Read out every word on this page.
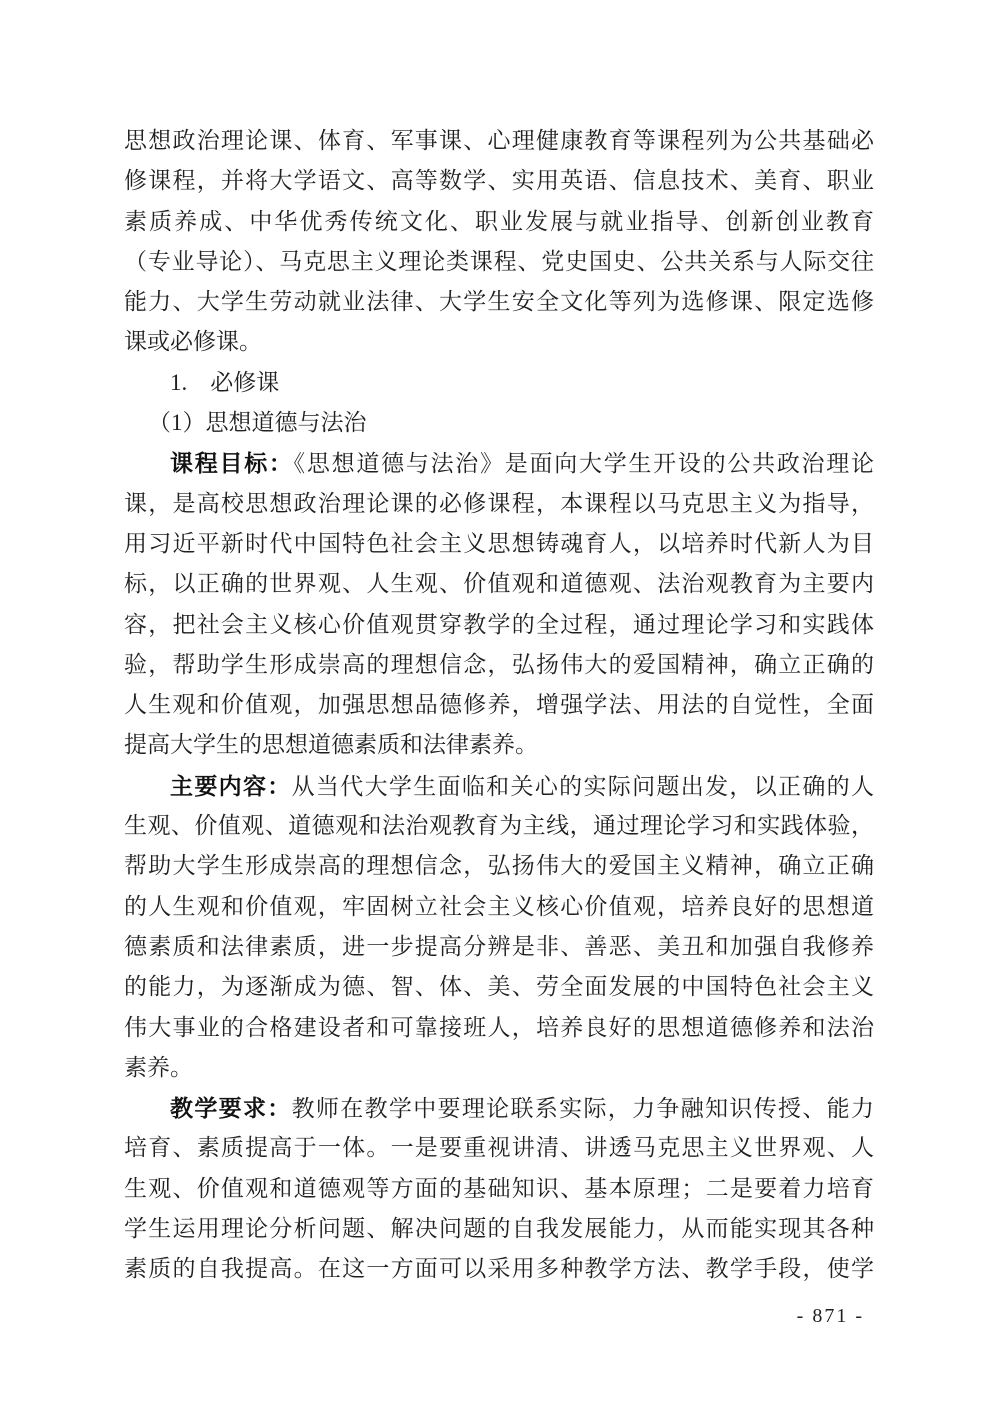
思想政治理论课、体育、军事课、心理健康教育等课程列为公共基础必
修课程，并将大学语文、高等数学、实用英语、信息技术、美育、职业
素质养成、中华优秀传统文化、职业发展与就业指导、创新创业教育
（专业导论）、马克思主义理论类课程、党史国史、公共关系与人际交往
能力、大学生劳动就业法律、大学生安全文化等列为选修课、限定选修
课或必修课。
1.　必修课
（1）思想道德与法治
课程目标：《思想道德与法治》是面向大学生开设的公共政治理论
课，是高校思想政治理论课的必修课程，本课程以马克思主义为指导，
用习近平新时代中国特色社会主义思想铸魂育人，以培养时代新人为目
标，以正确的世界观、人生观、价值观和道德观、法治观教育为主要内
容，把社会主义核心价值观贯穿教学的全过程，通过理论学习和实践体
验，帮助学生形成崇高的理想信念，弘扬伟大的爱国精神，确立正确的
人生观和价值观，加强思想品德修养，增强学法、用法的自觉性，全面
提高大学生的思想道德素质和法律素养。
主要内容：从当代大学生面临和关心的实际问题出发，以正确的人
生观、价值观、道德观和法治观教育为主线，通过理论学习和实践体验，
帮助大学生形成崇高的理想信念，弘扬伟大的爱国主义精神，确立正确
的人生观和价值观，牢固树立社会主义核心价值观，培养良好的思想道
德素质和法律素质，进一步提高分辨是非、善恶、美丑和加强自我修养
的能力，为逐渐成为德、智、体、美、劳全面发展的中国特色社会主义
伟大事业的合格建设者和可靠接班人，培养良好的思想道德修养和法治
素养。
教学要求：教师在教学中要理论联系实际，力争融知识传授、能力
培育、素质提高于一体。一是要重视讲清、讲透马克思主义世界观、人
生观、价值观和道德观等方面的基础知识、基本原理；二是要着力培育
学生运用理论分析问题、解决问题的自我发展能力，从而能实现其各种
素质的自我提高。在这一方面可以采用多种教学方法、教学手段，使学
- 871 -
